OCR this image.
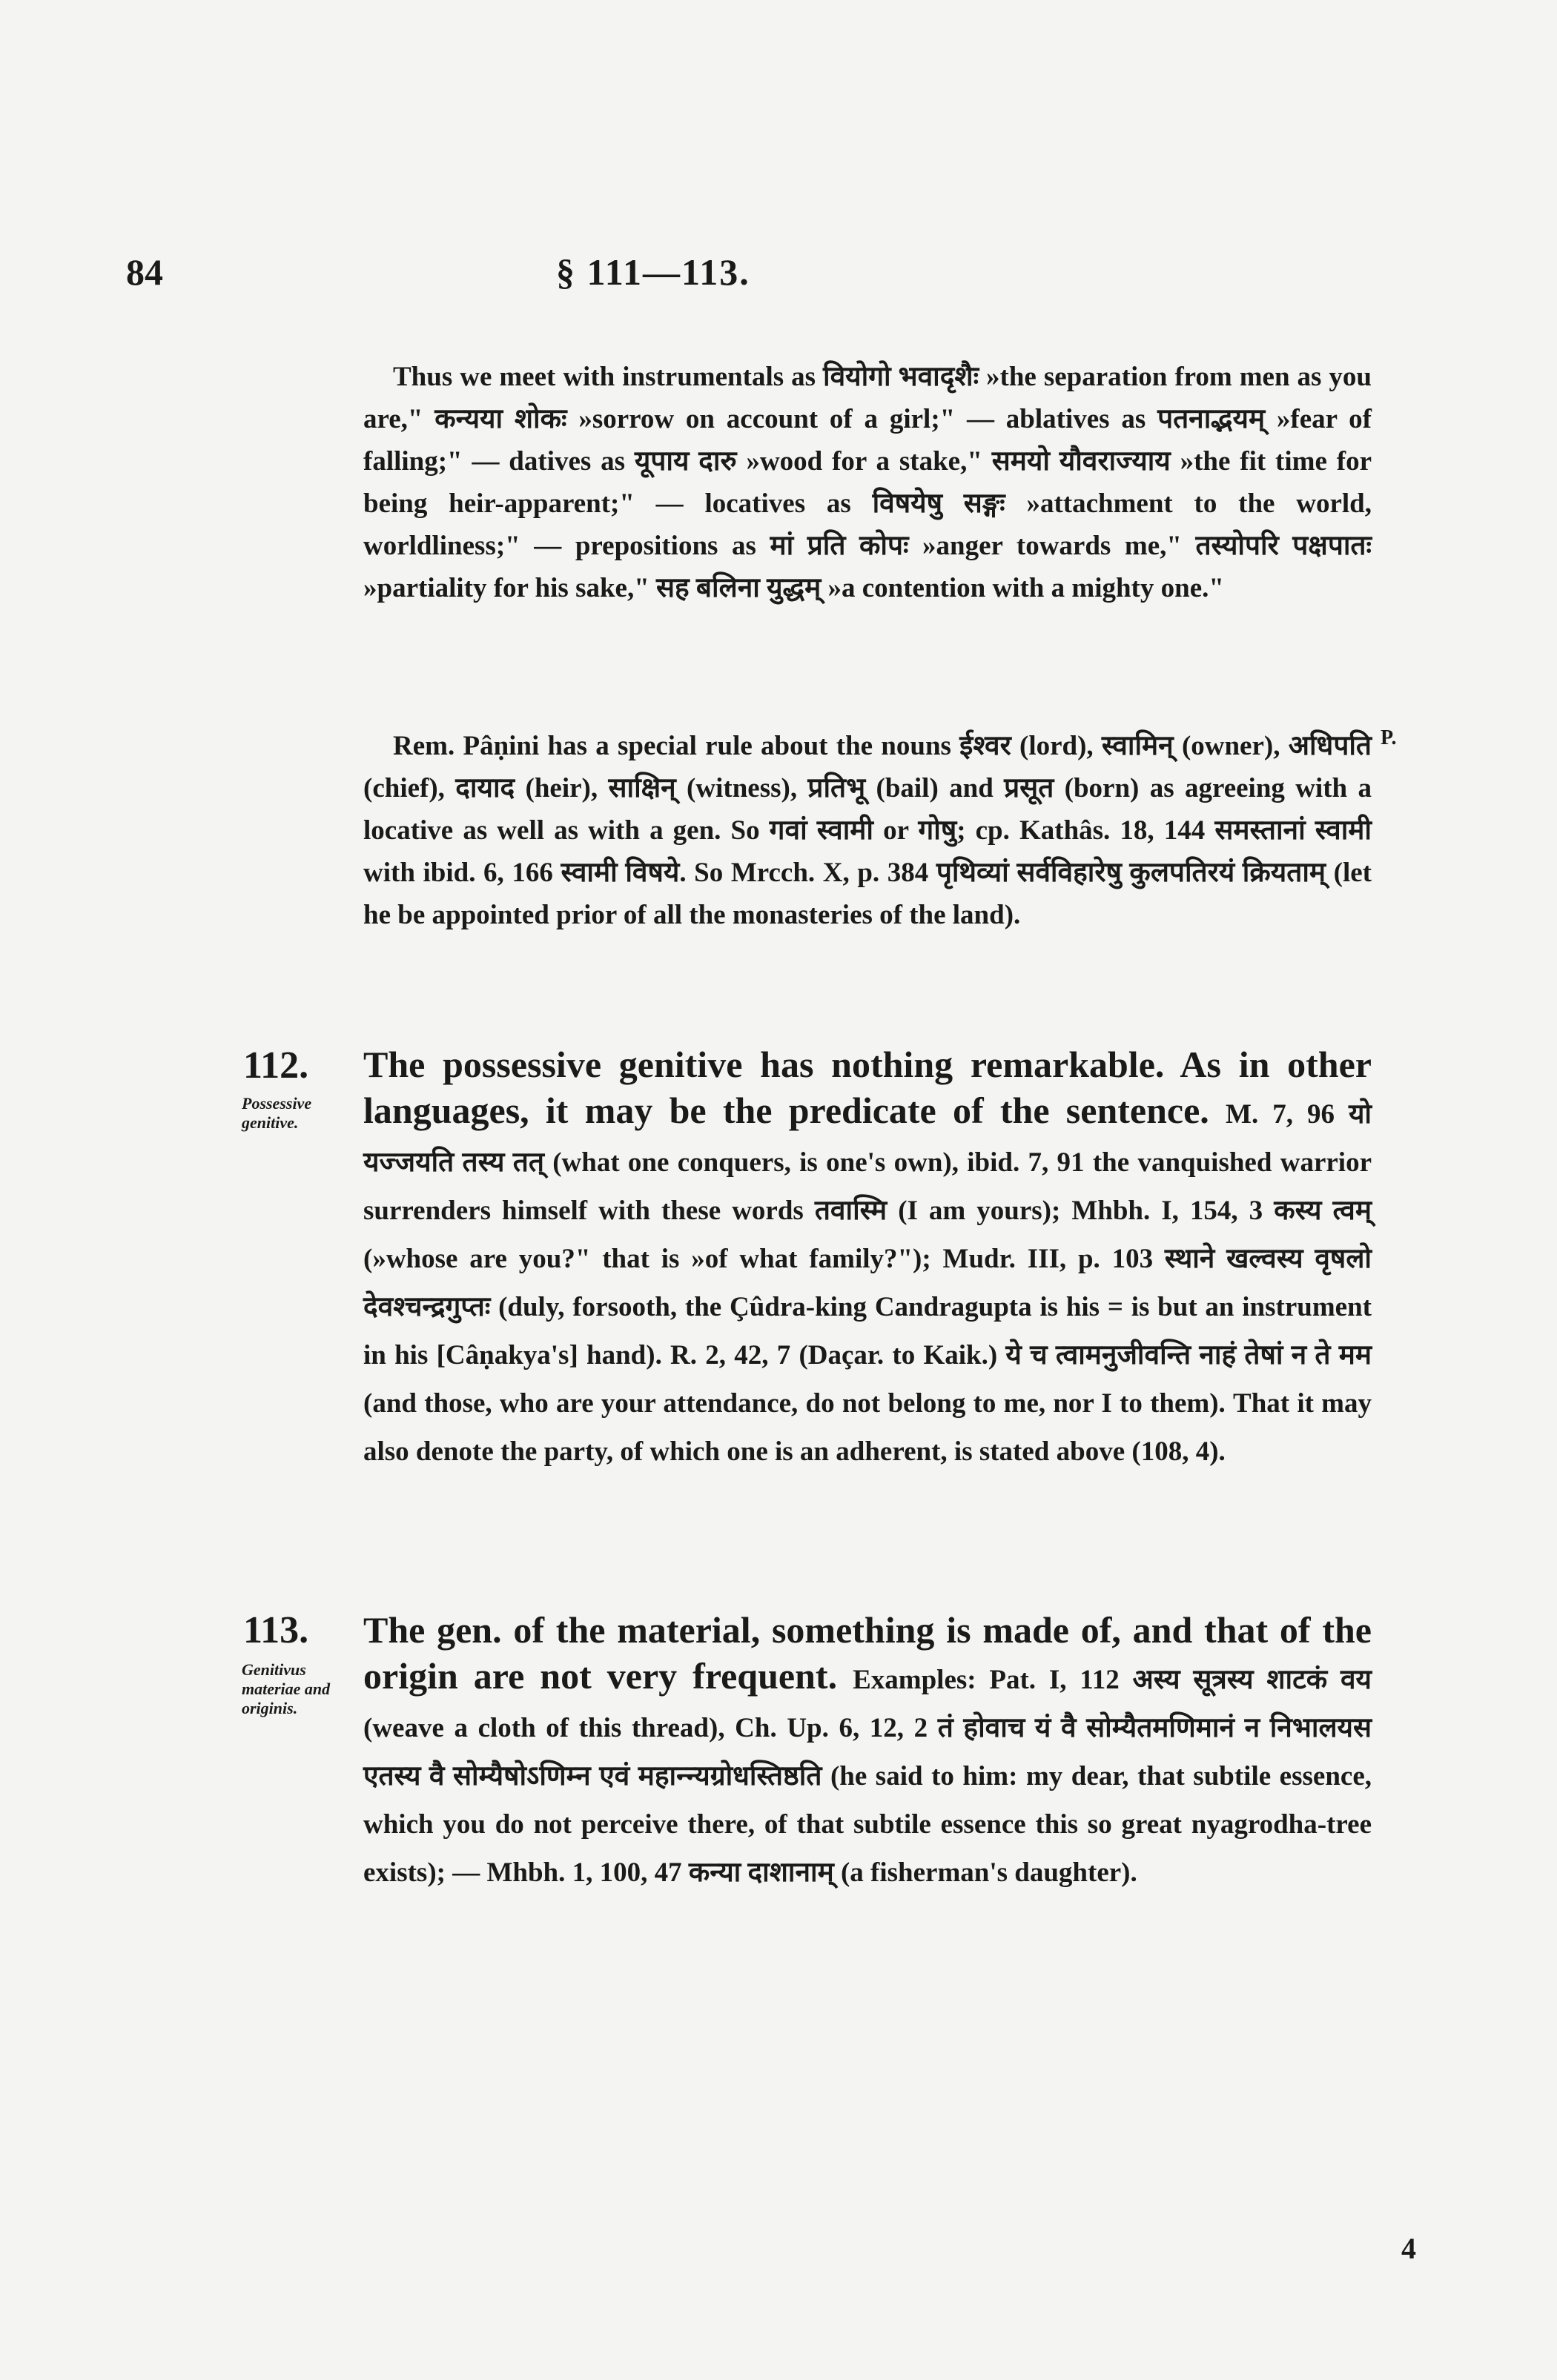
84	§ 111—113.
Thus we meet with instrumentals as वियोगो भवादृशैः »the separation from men as you are," कन्यया शोकः »sorrow on account of a girl;" — ablatives as पतनाद्भयम् »fear of falling;" — datives as यूपाय दारु »wood for a stake," समयो यौवराज्याय »the fit time for being heir-apparent;" — locatives as विषयेषु सङ्गः »attachment to the world, worldliness;" — prepositions as मां प्रति कोपः »anger towards me," तस्योपरि पक्षपातः »partiality for his sake," सह बलिना युद्धम् »a contention with a mighty one."
Rem. Pâṇini has a special rule about the nouns ईश्वर (lord), स्वामिन् (owner), अधिपति (chief), दायाद (heir), साक्षिन् (witness), प्रतिभू (bail) and प्रसूत (born) as agreeing with a locative as well as with a gen. So गवां स्वामी or गोषु; cp. Kathâs. 18, 144 समस्तानां स्वामी with ibid. 6, 166 स्वामी विषये. So Mrcch. X, p. 384 पृथिव्यां सर्वविहारेषु कुलपतिरयं क्रियताम् (let he be appointed prior of all the monasteries of the land).
P.
112.
Possessive genitive.
The possessive genitive has nothing remarkable. As in other languages, it may be the predicate of the sentence. M. 7, 96 यो यज्जयति तस्य तत् (what one conquers, is one's own), ibid. 7, 91 the vanquished warrior surrenders himself with these words तवास्मि (I am yours); Mhbh. I, 154, 3 कस्य त्वम् (»whose are you?" that is »of what family?"); Mudr. III, p. 103 स्थाने खल्वस्य वृषलो देवश्चन्द्रगुप्तः (duly, forsooth, the Çûdra-king Candragupta is his = is but an instrument in his [Câṇakya's] hand). R. 2, 42, 7 (Daçar. to Kaik.) ये च त्वामनुजीवन्ति नाहं तेषां न ते मम (and those, who are your attendance, do not belong to me, nor I to them). That it may also denote the party, of which one is an adherent, is stated above (108, 4).
113.
Genitivus materiae and originis.
The gen. of the material, something is made of, and that of the origin are not very frequent. Examples: Pat. I, 112 अस्य सूत्रस्य शाटकं वय (weave a cloth of this thread), Ch. Up. 6, 12, 2 तं होवाच यं वै सोम्यैतमणिमानं न निभालयस एतस्य वै सोम्यैषोऽणिम्न एवं महान्न्यग्रोधस्तिष्ठति (he said to him: my dear, that subtile essence, which you do not perceive there, of that subtile essence this so great nyagrodha-tree exists); — Mhbh. 1, 100, 47 कन्या दाशानाम् (a fisherman's daughter).
4
